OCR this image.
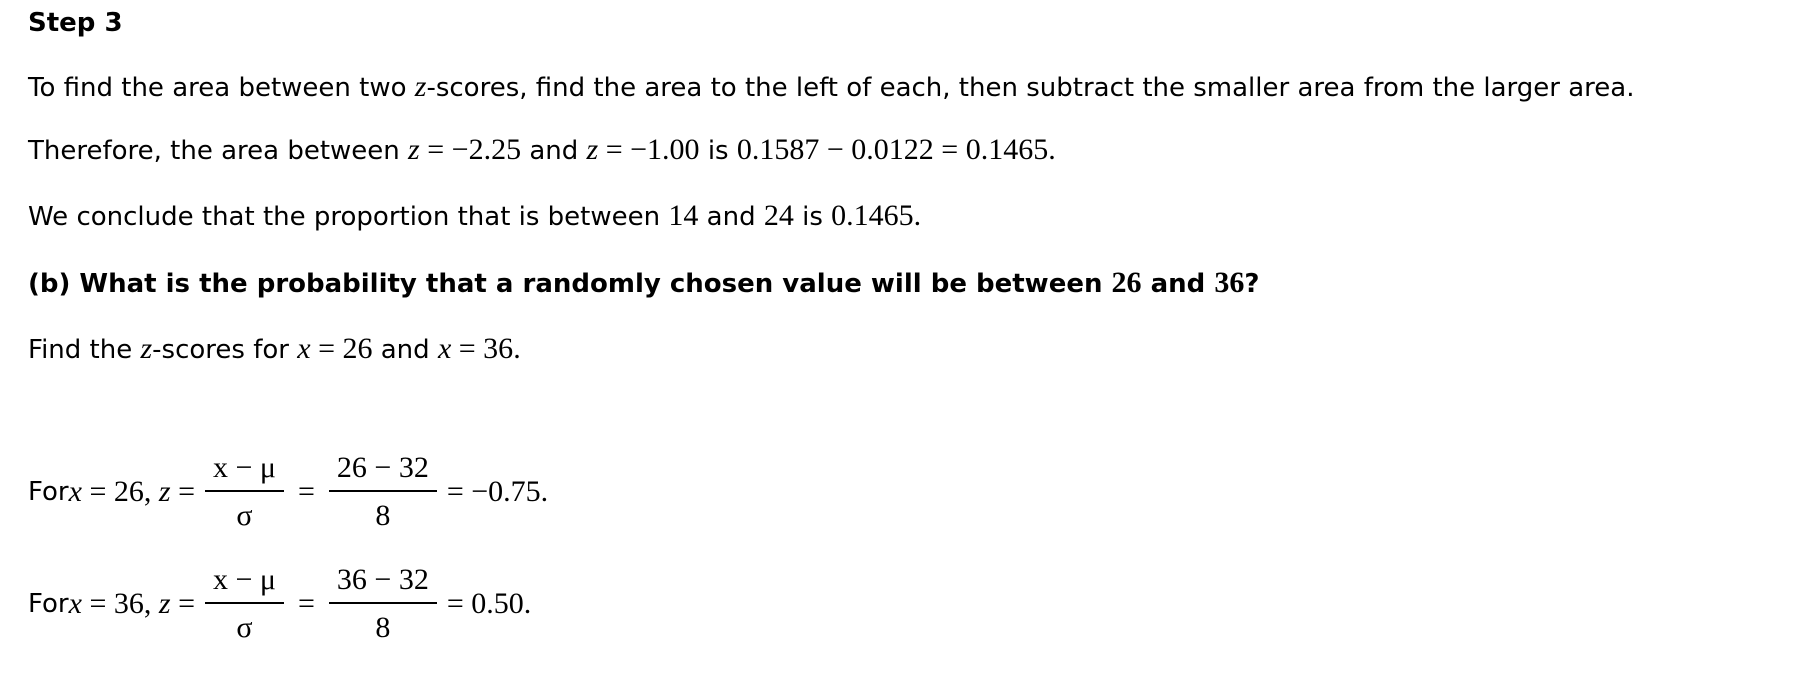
Step 3
To find the area between two z-scores, find the area to the left of each, then subtract the smaller area from the larger area.
Therefore, the area between z = −2.25 and z = −1.00 is 0.1587 − 0.0122 = 0.1465.
We conclude that the proportion that is between 14 and 24 is 0.1465.
(b) What is the probability that a randomly chosen value will be between 26 and 36?
Find the z-scores for x = 26 and x = 36.
For x = 26, $z = \frac{x - \mu}{\sigma} = \frac{26 - 32}{8} = -0.75$.
For x = 36, $z = \frac{x - \mu}{\sigma} = \frac{36 - 32}{8} = 0.50$.
